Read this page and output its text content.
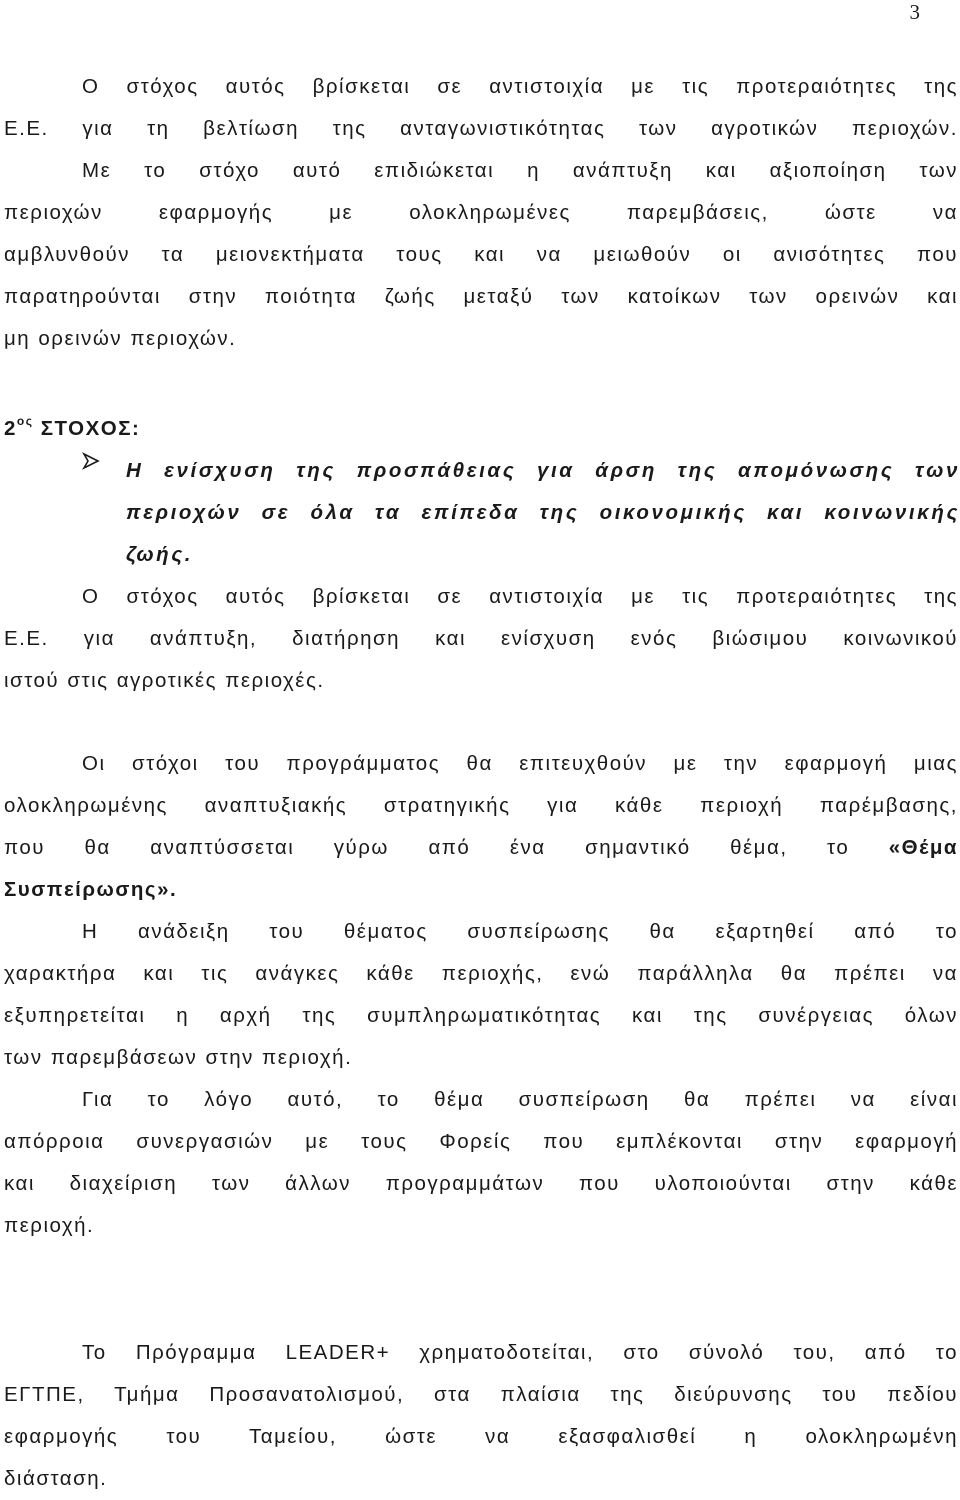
3
Ο στόχος αυτός βρίσκεται σε αντιστοιχία με τις προτεραιότητες της
Ε.Ε. για τη βελτίωση της ανταγωνιστικότητας των αγροτικών περιοχών.
Με το στόχο αυτό επιδιώκεται η ανάπτυξη και αξιοποίηση των
περιοχών εφαρμογής με ολοκληρωμένες παρεμβάσεις, ώστε να
αμβλυνθούν τα μειονεκτήματα τους και να μειωθούν οι ανισότητες που
παρατηρούνται στην ποιότητα ζωής μεταξύ των κατοίκων των ορεινών και
μη ορεινών περιοχών.
$2^{o\varsigma}$ ΣΤΟΧΟΣ:
Η ενίσχυση της προσπάθειας για άρση της απομόνωσης των
περιοχών σε όλα τα επίπεδα της οικονομικής και κοινωνικής
ζωής.
Ο στόχος αυτός βρίσκεται σε αντιστοιχία με τις προτεραιότητες της
Ε.Ε. για ανάπτυξη, διατήρηση και ενίσχυση ενός βιώσιμου κοινωνικού
ιστού στις αγροτικές περιοχές.
Οι στόχοι του προγράμματος θα επιτευχθούν με την εφαρμογή μιας
ολοκληρωμένης αναπτυξιακής στρατηγικής για κάθε περιοχή παρέμβασης,
που θα αναπτύσσεται γύρω από ένα σημαντικό θέμα, το «Θέμα
Συσπείρωσης».
Η ανάδειξη του θέματος συσπείρωσης θα εξαρτηθεί από το
χαρακτήρα και τις ανάγκες κάθε περιοχής, ενώ παράλληλα θα πρέπει να
εξυπηρετείται η αρχή της συμπληρωματικότητας και της συνέργειας όλων
των παρεμβάσεων στην περιοχή.
Για το λόγο αυτό, το θέμα συσπείρωση θα πρέπει να είναι
απόρροια συνεργασιών με τους Φορείς που εμπλέκονται στην εφαρμογή
και διαχείριση των άλλων προγραμμάτων που υλοποιούνται στην κάθε
περιοχή.
Το Πρόγραμμα LEADER+ χρηματοδοτείται, στο σύνολό του, από το
ΕΓΤΠΕ, Τμήμα Προσανατολισμού, στα πλαίσια της διεύρυνσης του πεδίου
εφαρμογής του Ταμείου, ώστε να εξασφαλισθεί η ολοκληρωμένη
διάσταση.
